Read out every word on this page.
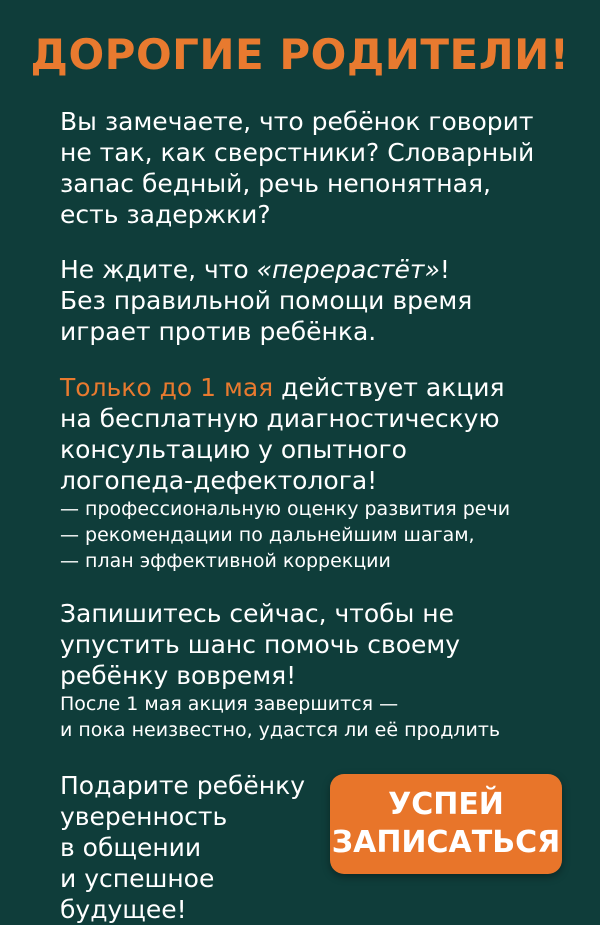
ДОРОГИЕ РОДИТЕЛИ!

Вы замечаете, что ребёнок говорит

не так, как сверстники? Словарный

запас бедный, речь непонятная,

есть задержки?

Не ждите, что «перерастёт»!

Без правильной помощи время

играет против ребёнка.

Только до 1 мая действует акция

на бесплатную диагностическую

консультацию у опытного

логопеда-дефектолога!

— профессиональную оценку развития речи

— рекомендации по дальнейшим шагам,

— план эффективной коррекции

Запишитесь сейчас, чтобы не

упустить шанс помочь своему

ребёнку вовремя!

После 1 мая акция завершится —

и пока неизвестно, удастся ли её продлить

Подарите ребёнку

уверенность

в общении

и успешное будущее!

УСПЕЙ
ЗАПИСАТЬСЯ
